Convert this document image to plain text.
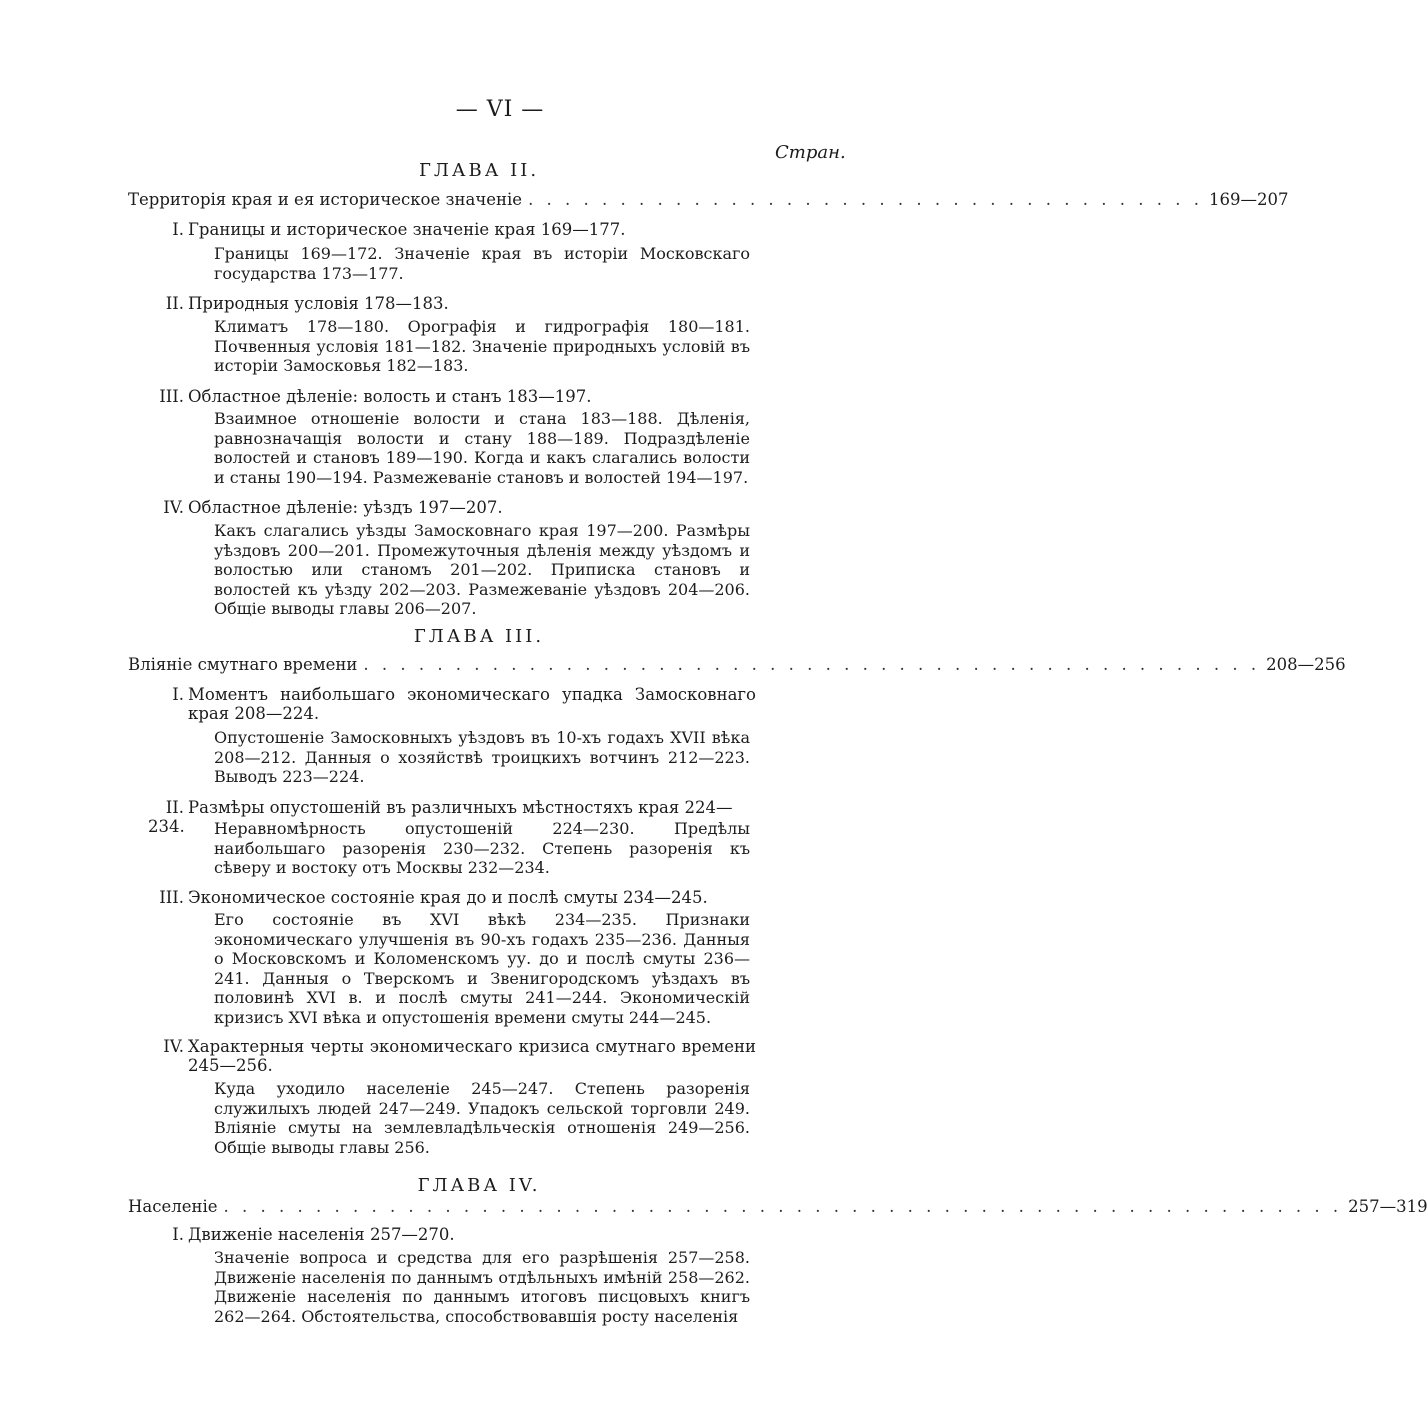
— VI —
Стран.
ГЛАВА II.
Территорія края и ея историческое значеніе . . . . . . . . . . . . . . . . . . . . . . . . . . . . . . . . . . . . . 169—207
I. Границы и историческое значеніе края 169—177.
Границы 169—172. Значеніе края въ исторіи Московскаго государства 173—177.
II. Природныя условія 178—183.
Климатъ 178—180. Орографія и гидрографія 180—181. Почвенныя условія 181—182. Значеніе природныхъ условій въ исторіи Замосковья 182—183.
III. Областное дѣленіе: волость и станъ 183—197.
Взаимное отношеніе волости и стана 183—188. Дѣленія, равнозначащія волости и стану 188—189. Подраздѣленіе волостей и становъ 189—190. Когда и какъ слагались волости и станы 190—194. Размежеваніе становъ и волостей 194—197.
IV. Областное дѣленіе: уѣздъ 197—207.
Какъ слагались уѣзды Замосковнаго края 197—200. Размѣры уѣздовъ 200—201. Промежуточныя дѣленія между уѣздомъ и волостью или станомъ 201—202. Приписка становъ и волостей къ уѣзду 202—203. Размежеваніе уѣздовъ 204—206. Общіе выводы главы 206—207.
ГЛАВА III.
Вліяніе смутнаго времени . . . . . . . . . . . . . . . . . . . . . . . . . . . . . . . . . . . . . . . . . . . . . . . . . 208—256
I. Моментъ наибольшаго экономическаго упадка Замосковнаго края 208—224.
Опустошеніе Замосковныхъ уѣздовъ въ 10-хъ годахъ XVII вѣка 208—212. Данныя о хозяйствѣ троицкихъ вотчинъ 212—223. Выводъ 223—224.
II. Размѣры опустошеній въ различныхъ мѣстностяхъ края 224—234.	Неравномѣрность опустошеній 224—230. Предѣлы наибольшаго разоренія 230—232. Степень разоренія къ сѣверу и востоку отъ Москвы 232—234.
III. Экономическое состояніе края до и послѣ смуты 234—245.
Его состояніе въ XVI вѣкѣ 234—235. Признаки экономическаго улучшенія въ 90-хъ годахъ 235—236. Данныя о Московскомъ и Коломенскомъ уу. до и послѣ смуты 236—241. Данныя о Тверскомъ и Звенигородскомъ уѣздахъ въ половинѣ XVI в. и послѣ смуты 241—244. Экономическій кризисъ XVI вѣка и опустошенія времени смуты 244—245.
IV. Характерныя черты экономическаго кризиса смутнаго времени 245—256.
Куда уходило населеніе 245—247. Степень разоренія служилыхъ людей 247—249. Упадокъ сельской торговли 249. Вліяніе смуты на землевладѣльческія отношенія 249—256. Общіе выводы главы 256.
ГЛАВА IV.
Населеніе . . . . . . . . . . . . . . . . . . . . . . . . . . . . . . . . . . . . . . . . . . . . . . . . . . . . . . . . . . . . . 257—319
I. Движеніе населенія 257—270.
Значеніе вопроса и средства для его разрѣшенія 257—258. Движеніе населенія по даннымъ отдѣльныхъ имѣній 258—262. Движеніе населенія по даннымъ итоговъ писцовыхъ книгъ 262—264. Обстоятельства, способствовавшія росту населенія
